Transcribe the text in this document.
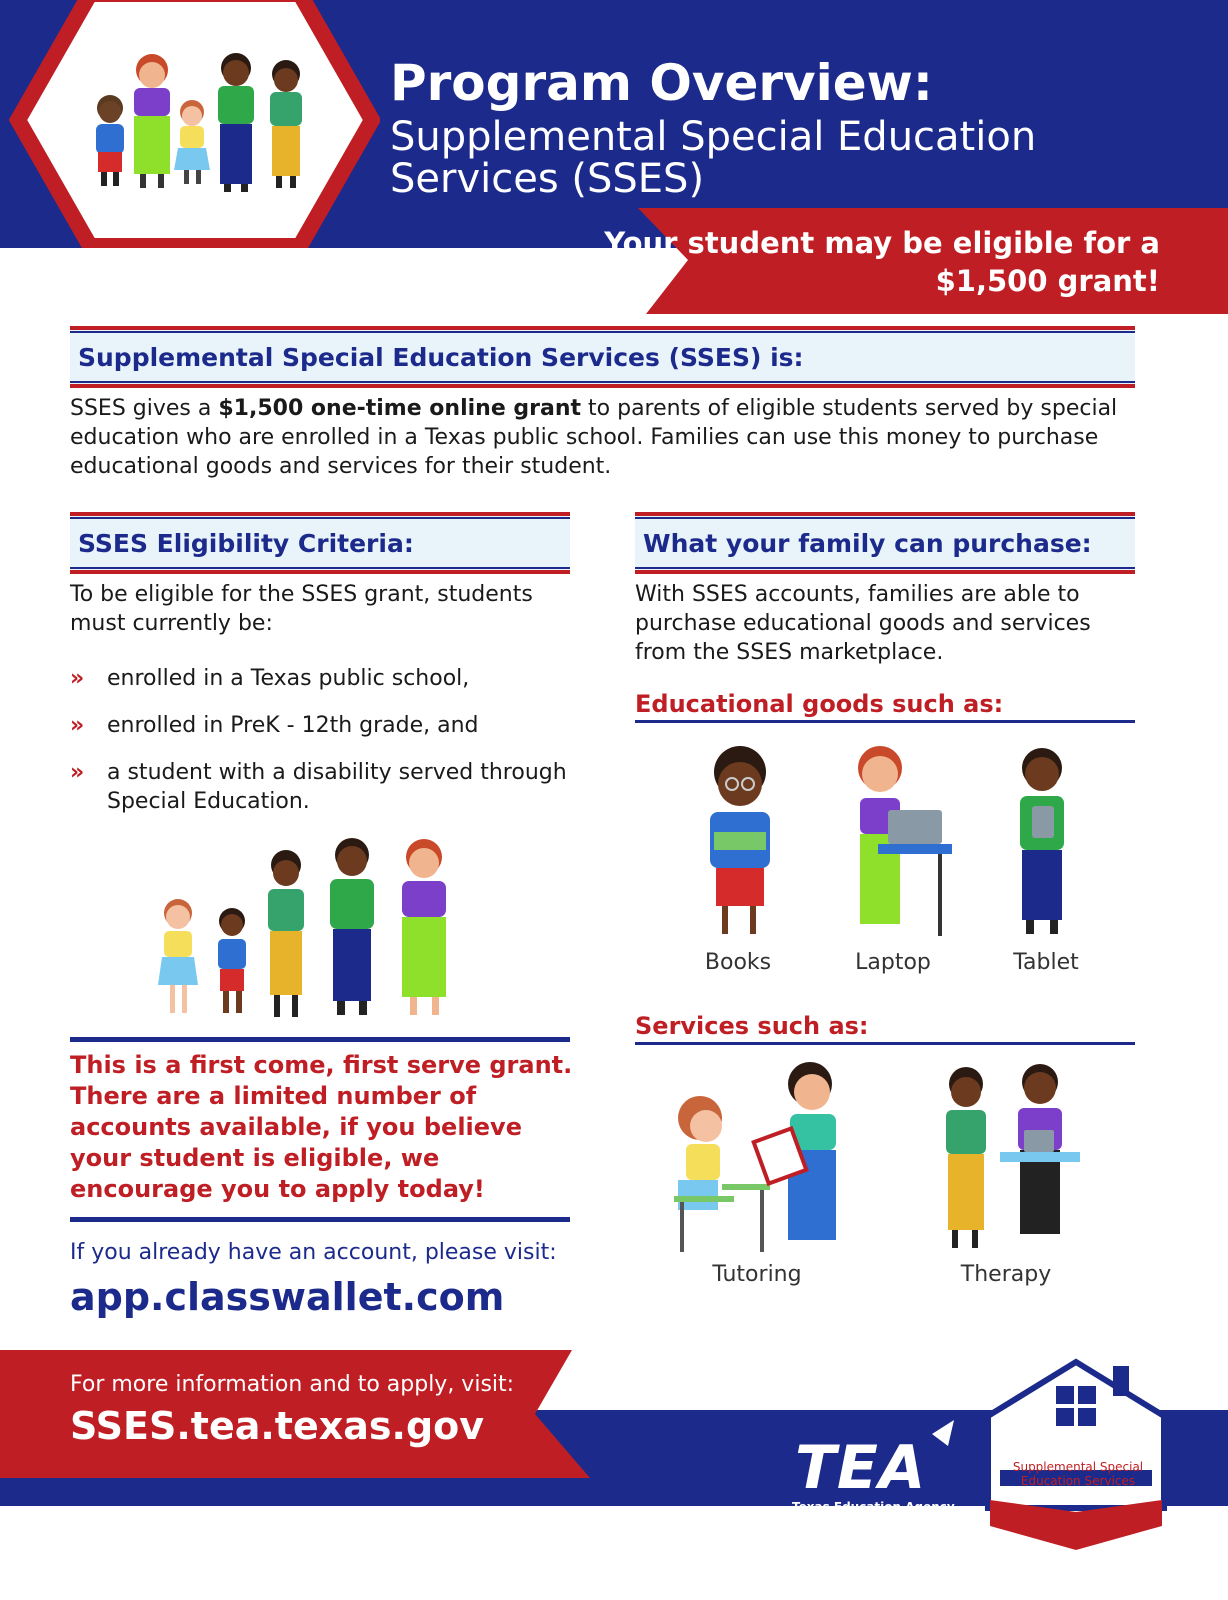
Program Overview:
Supplemental Special Education Services (SSES)
Your student may be eligible for a $1,500 grant!
Supplemental Special Education Services (SSES) is:
SSES gives a $1,500 one-time online grant to parents of eligible students served by special education who are enrolled in a Texas public school. Families can use this money to purchase educational goods and services for their student.
SSES Eligibility Criteria:
To be eligible for the SSES grant, students must currently be:
» enrolled in a Texas public school,
» enrolled in PreK - 12th grade, and
» a student with a disability served through Special Education.
This is a first come, first serve grant. There are a limited number of accounts available, if you believe your student is eligible, we encourage you to apply today!
If you already have an account, please visit:
app.classwallet.com
What your family can purchase:
With SSES accounts, families are able to purchase educational goods and services from the SSES marketplace.
Educational goods such as:
Books	Laptop	Tablet
Services such as:
Tutoring	Therapy
For more information and to apply, visit:
SSES.tea.texas.gov
TEA
Texas Education Agency
Supplemental Special
Education Services
